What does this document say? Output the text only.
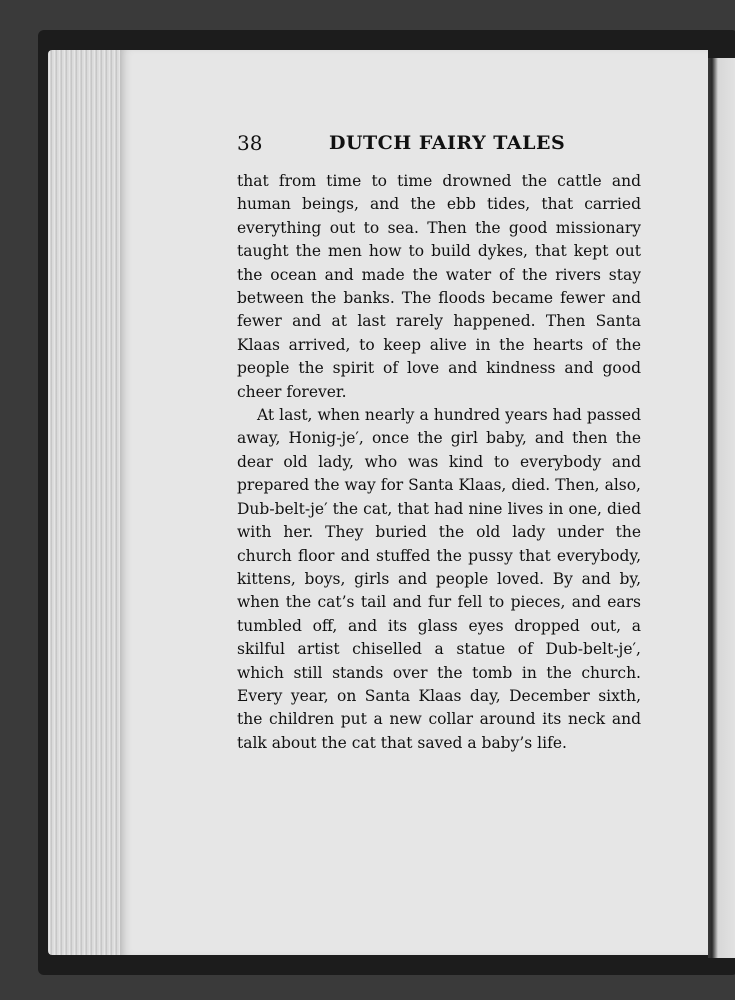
38	DUTCH FAIRY TALES

that from time to time drowned the cattle and human beings, and the ebb tides, that carried everything out to sea. Then the good missionary taught the men how to build dykes, that kept out the ocean and made the water of the rivers stay between the banks. The floods became fewer and fewer and at last rarely happened. Then Santa Klaas arrived, to keep alive in the hearts of the people the spirit of love and kindness and good cheer forever.

At last, when nearly a hundred years had passed away, Honig-je′, once the girl baby, and then the dear old lady, who was kind to everybody and prepared the way for Santa Klaas, died. Then, also, Dub-belt-je′ the cat, that had nine lives in one, died with her. They buried the old lady under the church floor and stuffed the pussy that everybody, kittens, boys, girls and people loved. By and by, when the cat’s tail and fur fell to pieces, and ears tumbled off, and its glass eyes dropped out, a skilful artist chiselled a statue of Dub-belt-je′, which still stands over the tomb in the church. Every year, on Santa Klaas day, December sixth, the children put a new collar around its neck and talk about the cat that saved a baby’s life.
